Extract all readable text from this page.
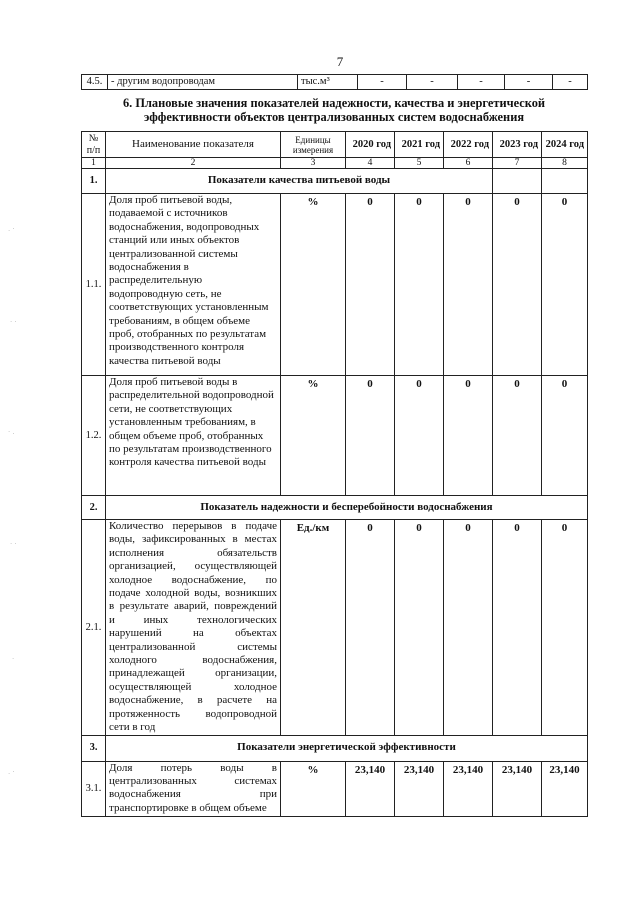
7
4.5.	- другим водопроводам	тыс.м³	-	-	-	-	-
6. Плановые значения показателей надежности, качества и энергетической эффективности объектов централизованных систем водоснабжения
№ п/п	Наименование показателя	Единицы измерения	2020 год	2021 год	2022 год	2023 год	2024 год
1	2	3	4	5	6	7	8
1.	Показатели качества питьевой воды						
1.1.	Доля проб питьевой воды, подаваемой с источников водоснабжения, водопроводных станций или иных объектов централизованной системы водоснабжения в распределительную водопроводную сеть, не соответствующих установленным требованиям, в общем объеме проб, отобранных по результатам производственного контроля качества питьевой воды	%	0	0	0	0	0
1.2.	Доля проб питьевой воды в распределительной водопроводной сети, не соответствующих установленным требованиям, в общем объеме проб, отобранных по результатам производственного контроля качества питьевой воды	%	0	0	0	0	0
2.	Показатель надежности и бесперебойности водоснабжения						
2.1.	Количество перерывов в подаче воды, зафиксированных в местах исполнения обязательств организацией, осуществляющей холодное водоснабжение, по подаче холодной воды, возникших в результате аварий, повреждений и иных технологических нарушений на объектах централизованной системы холодного водоснабжения, принадлежащей организации, осуществляющей холодное водоснабжение, в расчете на протяженность водопроводной сети в год	Ед./км	0	0	0	0	0
3.	Показатели энергетической эффективности						
3.1.	Доля потерь воды в централизованных системах водоснабжения при транспортировке в общем объеме	%	23,140	23,140	23,140	23,140	23,140
. ·
· ·
· .
· ·
·
. ·
